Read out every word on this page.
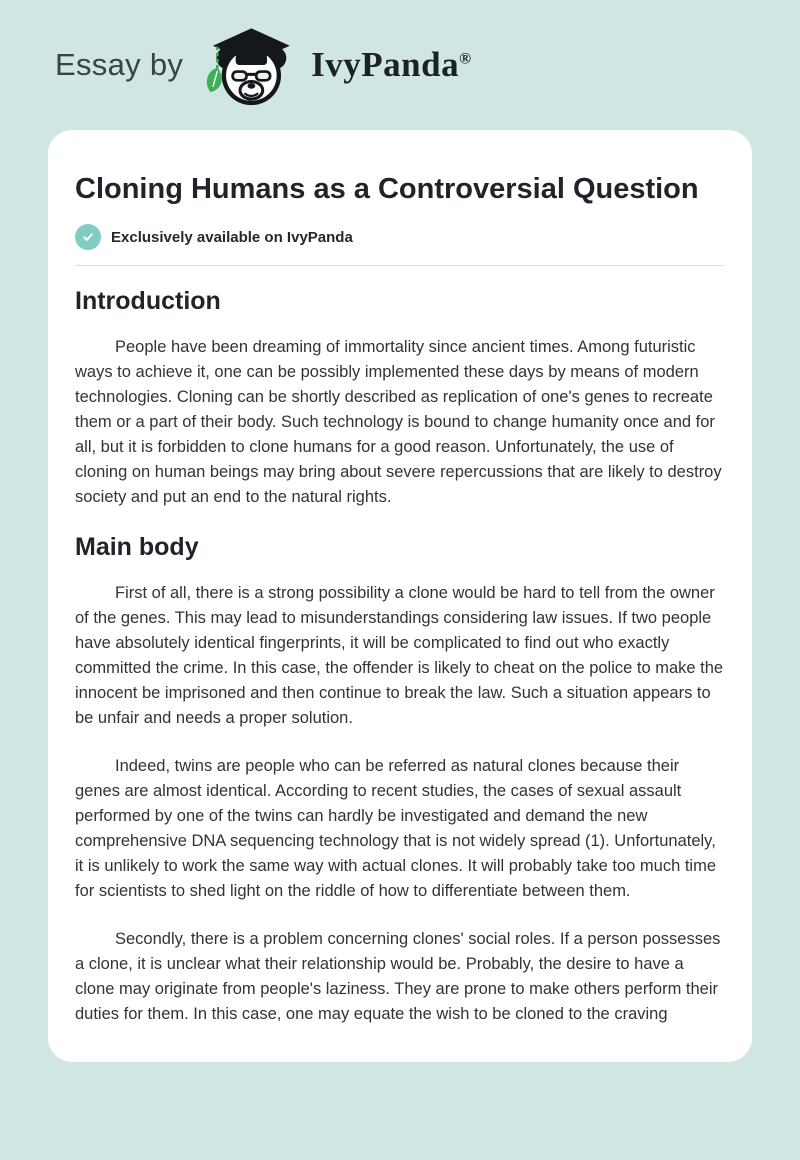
Essay by	IvyPanda®
Cloning Humans as a Controversial Question
Exclusively available on IvyPanda
Introduction

People have been dreaming of immortality since ancient times. Among futuristic ways to achieve it, one can be possibly implemented these days by means of modern technologies. Cloning can be shortly described as replication of one's genes to recreate them or a part of their body. Such technology is bound to change humanity once and for all, but it is forbidden to clone humans for a good reason. Unfortunately, the use of cloning on human beings may bring about severe repercussions that are likely to destroy society and put an end to the natural rights.

Main body

First of all, there is a strong possibility a clone would be hard to tell from the owner of the genes. This may lead to misunderstandings considering law issues. If two people have absolutely identical fingerprints, it will be complicated to find out who exactly committed the crime. In this case, the offender is likely to cheat on the police to make the innocent be imprisoned and then continue to break the law. Such a situation appears to be unfair and needs a proper solution.

Indeed, twins are people who can be referred as natural clones because their genes are almost identical. According to recent studies, the cases of sexual assault performed by one of the twins can hardly be investigated and demand the new comprehensive DNA sequencing technology that is not widely spread (1). Unfortunately, it is unlikely to work the same way with actual clones. It will probably take too much time for scientists to shed light on the riddle of how to differentiate between them.

Secondly, there is a problem concerning clones' social roles. If a person possesses a clone, it is unclear what their relationship would be. Probably, the desire to have a clone may originate from people's laziness. They are prone to make others perform their duties for them. In this case, one may equate the wish to be cloned to the craving
